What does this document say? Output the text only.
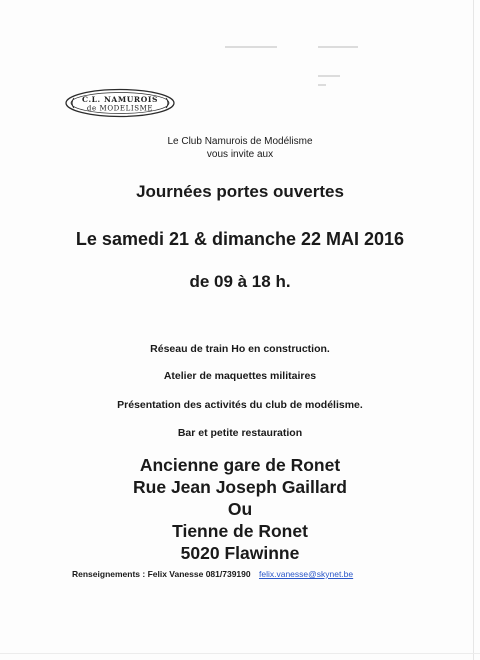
C.L. NAMUROIS
de MODELISME
Le Club Namurois de Modélisme
vous invite aux
Journées portes ouvertes
Le samedi 21 & dimanche 22 MAI 2016
de 09 à 18 h.
Réseau de train Ho en construction.
Atelier de maquettes militaires
Présentation des activités du club de modélisme.
Bar et petite restauration
Ancienne gare de Ronet
Rue Jean Joseph Gaillard
Ou
Tienne de Ronet
5020 Flawinne
Renseignements : Felix Vanesse 081/739190 felix.vanesse@skynet.be
